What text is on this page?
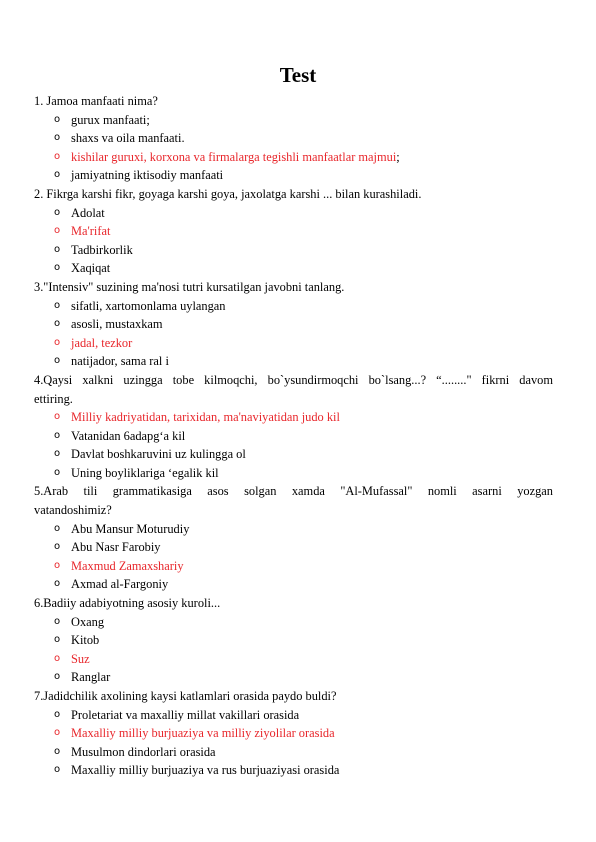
Test

1. Jamoa manfaati nima?

o gurux manfaati;
o shaxs va oila manfaati.
o kishilar guruxi, korxona va firmalarga tegishli manfaatlar majmui;
o jamiyatning iktisodiy manfaati

2. Fikrga karshi fikr, goyaga karshi goya, jaxolatga karshi ... bilan kurashiladi.

o Adolat
o Ma'rifat
o Tadbirkorlik
o Xaqiqat

3."Intensiv" suzining ma'nosi tutri kursatilgan javobni tanlang.

o sifatli, xartomonlama uylangan
o asosli, mustaxkam
o jadal, tezkor
o natijador, sama ral i

4.Qaysi xalkni uzingga tobe kilmoqchi, bo`ysundirmoqchi bo`lsang...? “........" fikrni davom

ettiring.

o Milliy kadriyatidan, tarixidan, ma'naviyatidan judo kil
o Vatanidan 6adapg‘a kil
o Davlat boshkaruvini uz kulingga ol
o Uning boyliklariga ‘egalik kil

5.Arab tili grammatikasiga asos solgan xamda "Al-Mufassal" nomli asarni yozgan

vatandoshimiz?

o Abu Mansur Moturudiy
o Abu Nasr Farobiy
o Maxmud Zamaxshariy
o Axmad al-Fargoniy

6.Badiiy adabiyotning asosiy kuroli...

o Oxang
o Kitob
o Suz
o Ranglar

7.Jadidchilik axolining kaysi katlamlari orasida paydo buldi?

o Proletariat va maxalliy millat vakillari orasida
o Maxalliy milliy burjuaziya va milliy ziyolilar orasida
o Musulmon dindorlari orasida
o Maxalliy milliy burjuaziya va rus burjuaziyasi orasida
